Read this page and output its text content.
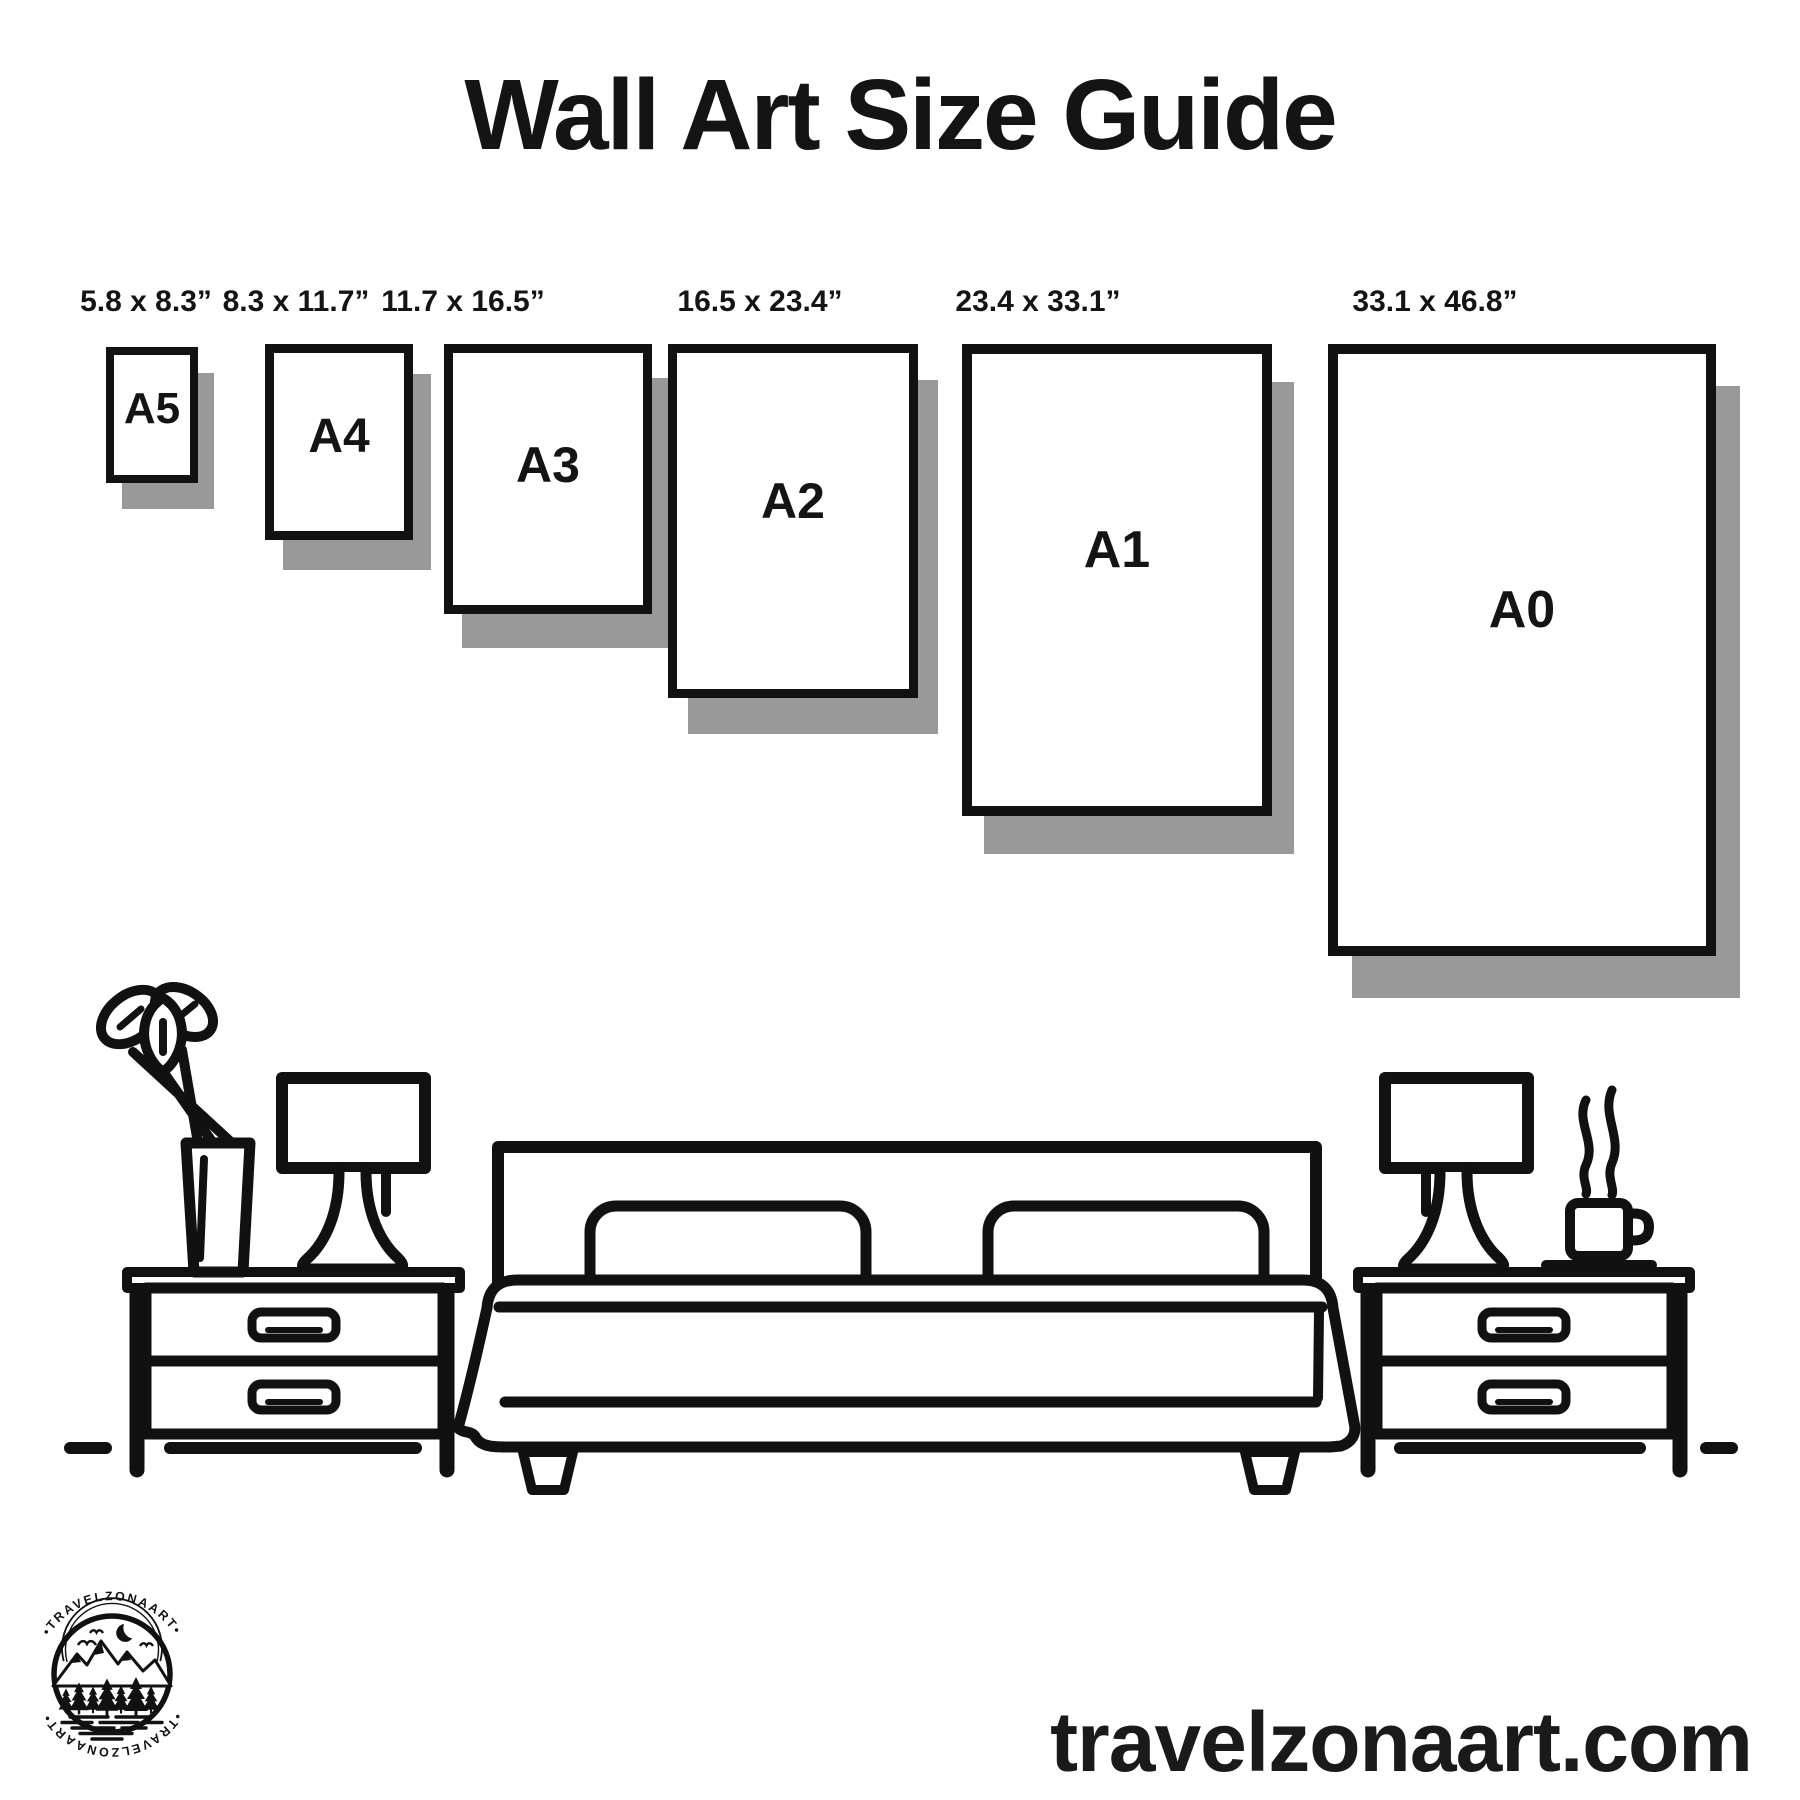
Wall Art Size Guide
5.8 x 8.3” 8.3 x 11.7” 11.7 x 16.5”	16.5 x 23.4”	23.4 x 33.1”	33.1 x 46.8”
A5
A4
A3
A2
A1
A0
•TRAVELZONAART•
•TRAVELZONAART•	travelzonaart.com
